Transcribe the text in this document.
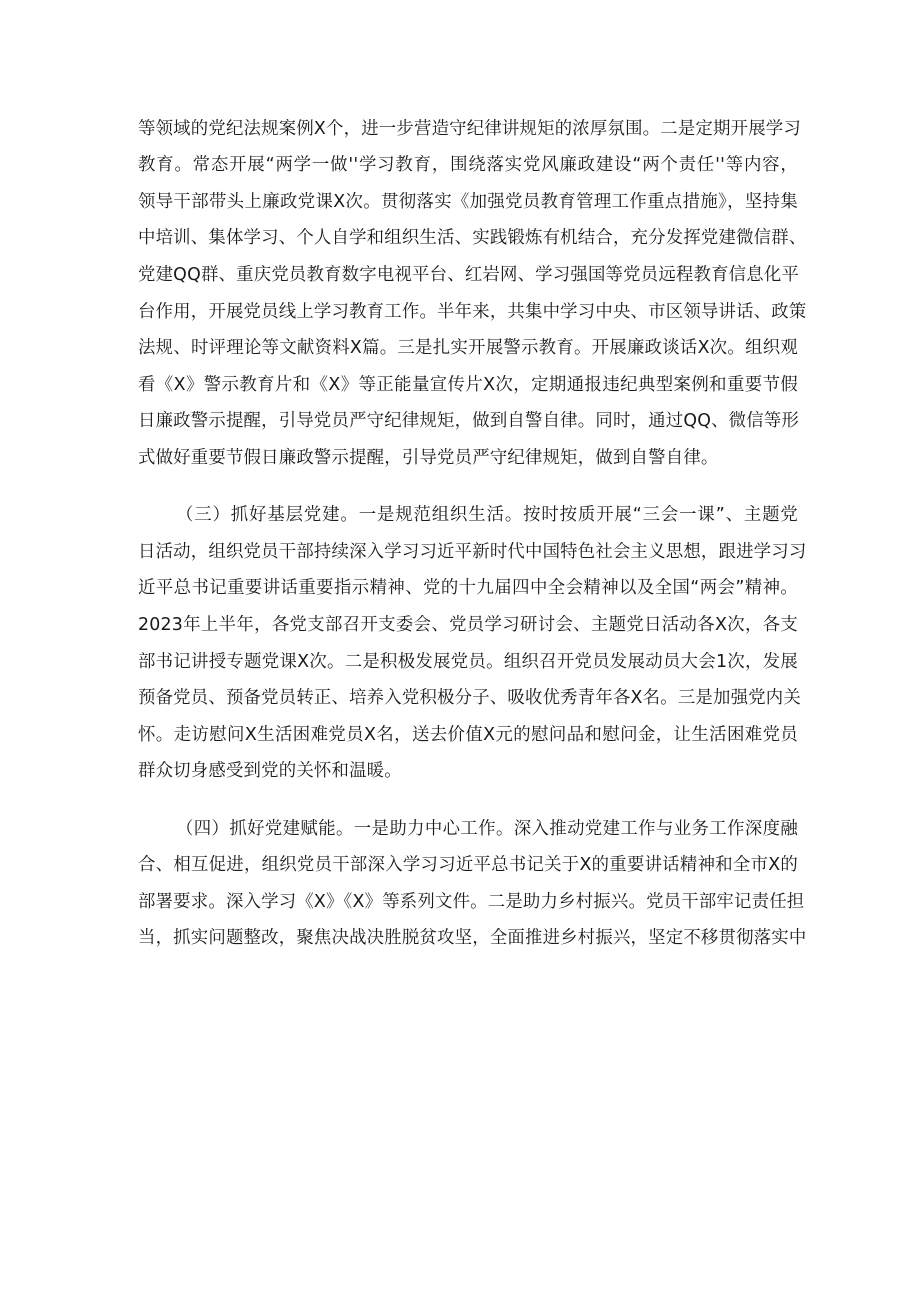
等领域的党纪法规案例X个，进一步营造守纪律讲规矩的浓厚氛围。二是定期开展学习
教育。常态开展“两学一做''学习教育，围绕落实党风廉政建设“两个责任''等内容，
领导干部带头上廉政党课X次。贯彻落实《加强党员教育管理工作重点措施》，坚持集
中培训、集体学习、个人自学和组织生活、实践锻炼有机结合，充分发挥党建微信群、
党建QQ群、重庆党员教育数字电视平台、红岩网、学习强国等党员远程教育信息化平
台作用，开展党员线上学习教育工作。半年来，共集中学习中央、市区领导讲话、政策
法规、时评理论等文献资料X篇。三是扎实开展警示教育。开展廉政谈话X次。组织观
看《X》警示教育片和《X》等正能量宣传片X次，定期通报违纪典型案例和重要节假
日廉政警示提醒，引导党员严守纪律规矩，做到自警自律。同时，通过QQ、微信等形
式做好重要节假日廉政警示提醒，引导党员严守纪律规矩，做到自警自律。
（三）抓好基层党建。一是规范组织生活。按时按质开展“三会一课”、主题党
日活动，组织党员干部持续深入学习习近平新时代中国特色社会主义思想，跟进学习习
近平总书记重要讲话重要指示精神、党的十九届四中全会精神以及全国“两会”精神。
2023年上半年，各党支部召开支委会、党员学习研讨会、主题党日活动各X次，各支
部书记讲授专题党课X次。二是积极发展党员。组织召开党员发展动员大会1次，发展
预备党员、预备党员转正、培养入党积极分子、吸收优秀青年各X名。三是加强党内关
怀。走访慰问X生活困难党员X名，送去价值X元的慰问品和慰问金，让生活困难党员
群众切身感受到党的关怀和温暖。
（四）抓好党建赋能。一是助力中心工作。深入推动党建工作与业务工作深度融
合、相互促进，组织党员干部深入学习习近平总书记关于X的重要讲话精神和全市X的
部署要求。深入学习《X》《X》等系列文件。二是助力乡村振兴。党员干部牢记责任担
当，抓实问题整改，聚焦决战决胜脱贫攻坚，全面推进乡村振兴，坚定不移贯彻落实中
